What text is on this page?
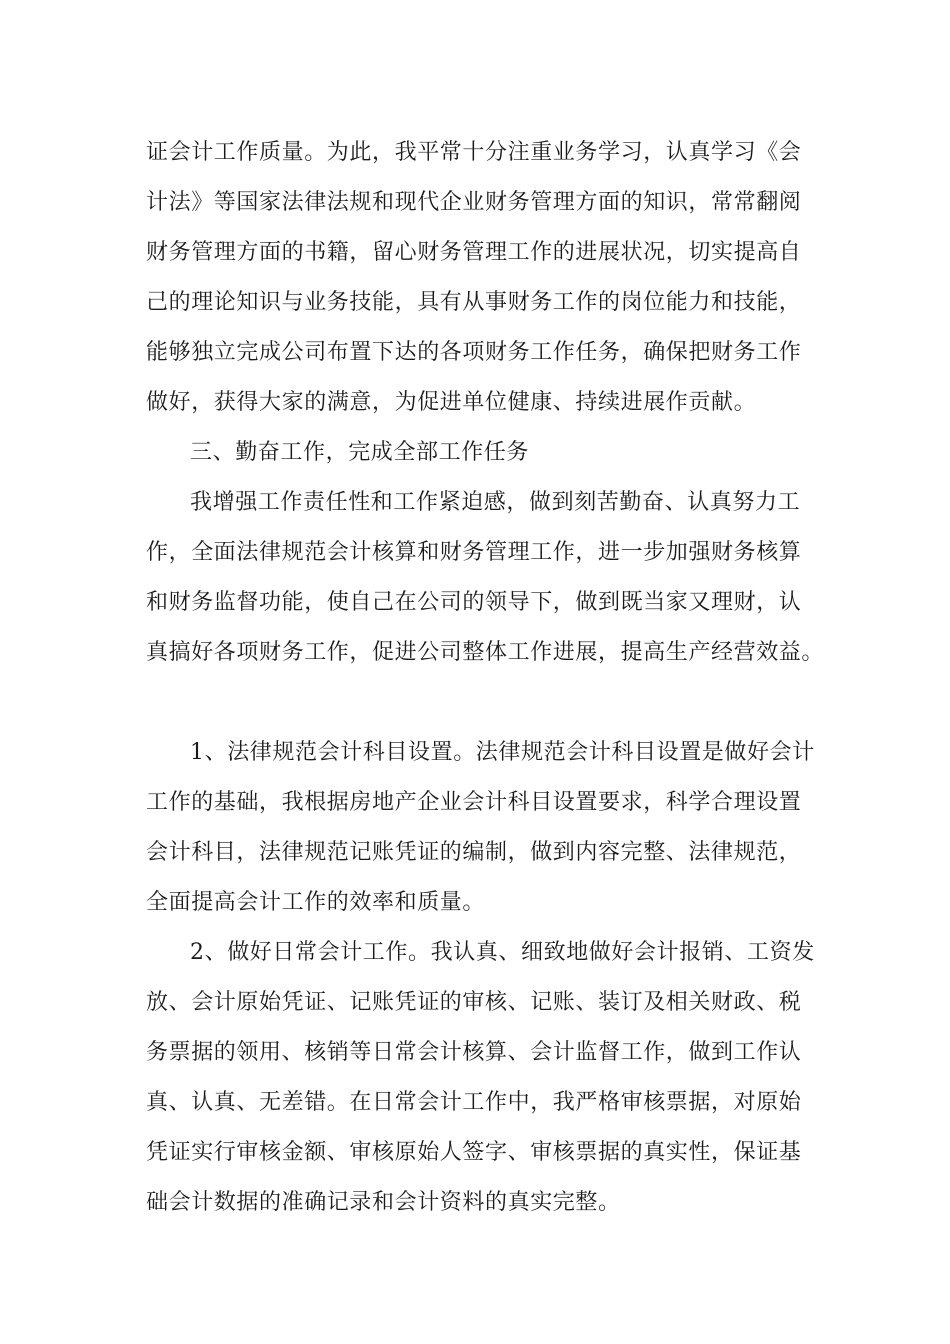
证会计工作质量。为此，我平常十分注重业务学习，认真学习《会
计法》等国家法律法规和现代企业财务管理方面的知识，常常翻阅
财务管理方面的书籍，留心财务管理工作的进展状况，切实提高自
己的理论知识与业务技能，具有从事财务工作的岗位能力和技能，
能够独立完成公司布置下达的各项财务工作任务，确保把财务工作
做好，获得大家的满意，为促进单位健康、持续进展作贡献。
三、勤奋工作，完成全部工作任务
我增强工作责任性和工作紧迫感，做到刻苦勤奋、认真努力工
作，全面法律规范会计核算和财务管理工作，进一步加强财务核算
和财务监督功能，使自己在公司的领导下，做到既当家又理财，认
真搞好各项财务工作，促进公司整体工作进展，提高生产经营效益。
1、法律规范会计科目设置。法律规范会计科目设置是做好会计
工作的基础，我根据房地产企业会计科目设置要求，科学合理设置
会计科目，法律规范记账凭证的编制，做到内容完整、法律规范，
全面提高会计工作的效率和质量。
2、做好日常会计工作。我认真、细致地做好会计报销、工资发
放、会计原始凭证、记账凭证的审核、记账、装订及相关财政、税
务票据的领用、核销等日常会计核算、会计监督工作，做到工作认
真、认真、无差错。在日常会计工作中，我严格审核票据，对原始
凭证实行审核金额、审核原始人签字、审核票据的真实性，保证基
础会计数据的准确记录和会计资料的真实完整。
